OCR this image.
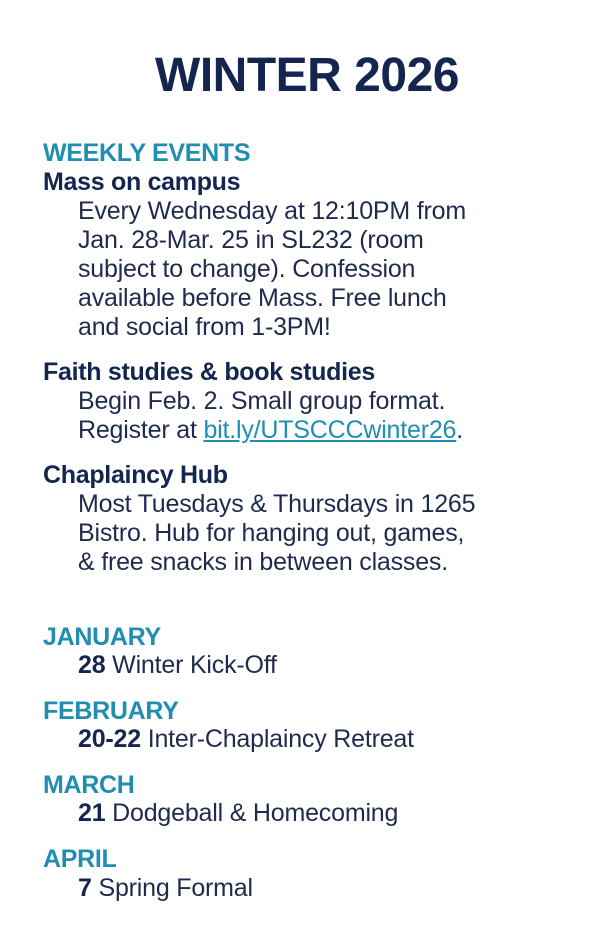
WINTER 2026
WEEKLY EVENTS
Mass on campus
Every Wednesday at 12:10PM from
Jan. 28-Mar. 25 in SL232 (room
subject to change). Confession
available before Mass. Free lunch
and social from 1-3PM!
Faith studies & book studies
Begin Feb. 2. Small group format.
Register at bit.ly/UTSCCCwinter26.
Chaplaincy Hub
Most Tuesdays & Thursdays in 1265
Bistro. Hub for hanging out, games,
& free snacks in between classes.
JANUARY
28 Winter Kick-Off
FEBRUARY
20-22 Inter-Chaplaincy Retreat
MARCH
21 Dodgeball & Homecoming
APRIL
7 Spring Formal
